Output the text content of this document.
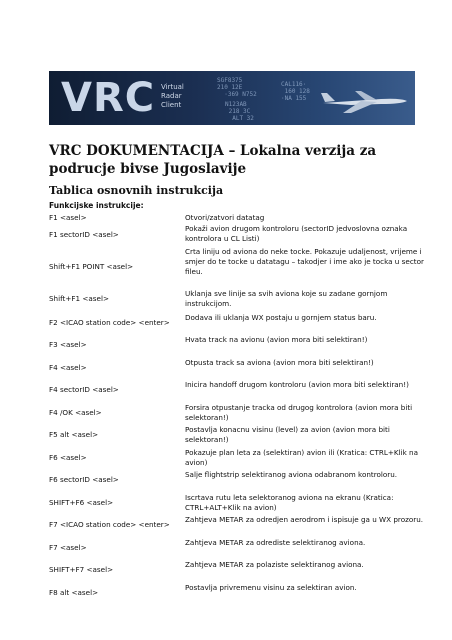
SGF8375
210 12E
·369 N752
CAL116·
160 128
·NA 155
N123AB
218 3C
ALT 32
VRC Virtual
Radar
Client
VRC DOKUMENTACIJA – Lokalna verzija za podrucje bivse Jugoslavije
Tablica osnovnih instrukcija
Funkcijske instrukcije:
F1 <asel>	Otvori/zatvori datatag
F1 sectorID <asel>
Pokaži avion drugom kontroloru (sectorID jedvoslovna oznaka kontrolora u CL Listi)
Shift+F1 POINT <asel>
Crta liniju od aviona do neke tocke. Pokazuje udaljenost, vrijeme i smjer do te tocke u datatagu – takodjer i ime ako je tocka u sector fileu.
Shift+F1 <asel>
Uklanja sve linije sa svih aviona koje su zadane gornjom instrukcijom.
F2 <ICAO station code> <enter>
Dodava ili uklanja WX postaju u gornjem status baru.
F3 <asel>
Hvata track na avionu (avion mora biti selektiran!)
F4 <asel>
Otpusta track sa aviona (avion mora biti selektiran!)
F4 sectorID <asel>
Inicira handoff drugom kontroloru (avion mora biti selektiran!)
F4 /OK <asel>
Forsira otpustanje tracka od drugog kontrolora (avion mora biti selektoran!)
F5 alt <asel>
Postavlja konacnu visinu (level) za avion (avion mora biti selektoran!)
F6 <asel>
Pokazuje plan leta za (selektiran) avion ili (Kratica: CTRL+Klik na avion)
F6 sectorID <asel>
Salje flightstrip selektiranog aviona odabranom kontroloru.
SHIFT+F6 <asel>
Iscrtava rutu leta selektoranog aviona na ekranu (Kratica: CTRL+ALT+Klik na avion)
F7 <ICAO station code> <enter>
Zahtjeva METAR za odredjen aerodrom i ispisuje ga u WX prozoru.
F7 <asel>
Zahtjeva METAR za odrediste selektiranog aviona.
SHIFT+F7 <asel>
Zahtjeva METAR za polaziste selektiranog aviona.
F8 alt <asel>
Postavlja privremenu visinu za selektiran avion.
